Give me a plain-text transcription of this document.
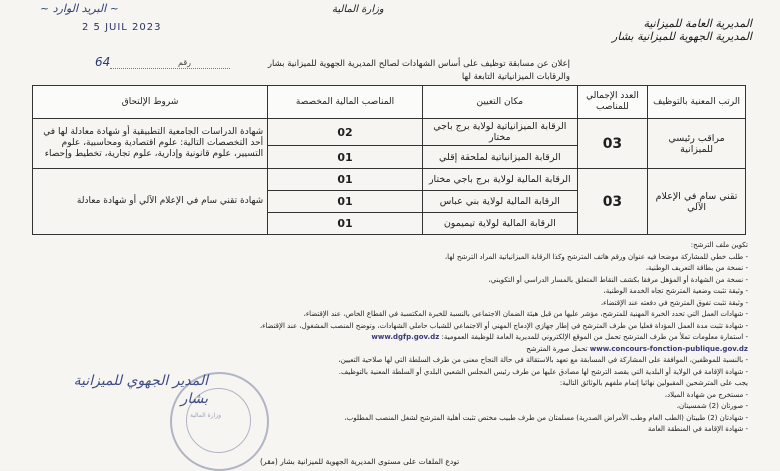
~ البريد الوارد ~
2 5 JUIL 2023
64	رقم
وزارة المالية
المديرية العامة للميزانية
المديرية الجهوية للميزانية بشار
إعلان عن مسابقة توظيف على أساس الشهادات لصالح المديرية الجهوية للميزانية بشار
والرقابات الميزانياتية التابعة لها
الرتب المعنية بالتوظيف	العدد الإجمالي للمناصب	مكان التعيين	المناصب المالية المخصصة	شروط الإلتحاق
مراقب رئيسي للميزانية	03	الرقابة الميزانياتية لولاية برج باجي مختار	02	شهادة الدراسات الجامعية التطبيقية أو شهادة معادلة لها في أحد التخصصات التالية: علوم اقتصادية ومحاسبية، علوم التسيير، علوم قانونية وإدارية، علوم تجارية، تخطيط وإحصاء
		الرقابة الميزانياتية لملحقة إقلي	01	
تقني سام في الإعلام الآلي	03	الرقابة المالية لولاية برج باجي مختار	01	شهادة تقني سام في الإعلام الآلي أو شهادة معادلة
		الرقابة المالية لولاية بني عباس	01	
		الرقابة المالية لولاية تيميمون	01	
تكوين ملف الترشح:
- طلب خطي للمشاركة موضحا فيه عنوان ورقم هاتف المترشح وكذا الرقابة الميزانياتية المراد الترشح لها،
- نسخة من بطاقة التعريف الوطنية،
- نسخة من الشهادة أو المؤهل مرفقا بكشف النقاط المتعلق بالمسار الدراسي أو التكويني،
- وثيقة تثبت وضعية المترشح تجاه الخدمة الوطنية،
- وثيقة تثبت تفوق المترشح في دفعته عند الإقتضاء،
- شهادات العمل التي تحدد الخبرة المهنية للمترشح، مؤشر عليها من قبل هيئة الضمان الاجتماعي بالنسبة للخبرة المكتسبة في القطاع الخاص، عند الإقتضاء،
- شهادة تثبت مدة العمل المؤداة فعليا من طرف المترشح في إطار جهازي الإدماج المهني أو الاجتماعي للشباب حاملي الشهادات، وتوضح المنصب المشغول، عند الإقتضاء،
- استمارة معلومات تملأ من طرف المترشح تحمل من الموقع الإلكتروني للمديرية العامة للوظيفة العمومية: www.dgfp.gov.dz
www.concours-fonction-publique.gov.dz تحمل صورة المترشح
- بالنسبة للموظفين، الموافقة على المشاركة في المسابقة مع تعهد بالاستقالة في حالة النجاح معنى من طرف السلطة التي لها صلاحية التعيين،
- شهادة الإقامة في الولاية أو البلدية التي يقصد الترشح لها مصادق عليها من طرف رئيس المجلس الشعبي البلدي أو السلطة المعنية بالتوظيف.
يجب على المترشحين المقبولين نهائيا إتمام ملفهم بالوثائق التالية:
- مستخرج من شهادة الميلاد،
- صورتان (2) شمسيتان،
- شهادتان (2) طبيتان (الطب العام وطب الأمراض الصدرية) مسلمتان من طرف طبيب مختص تثبت أهلية المترشح لشغل المنصب المطلوب،
- شهادة الإقامة في المنطقة العامة
وزارة المالية
المدير الجهوي للميزانية
بشار
تودع الملفات على مستوى المديرية الجهوية للميزانية بشار (مقر)
